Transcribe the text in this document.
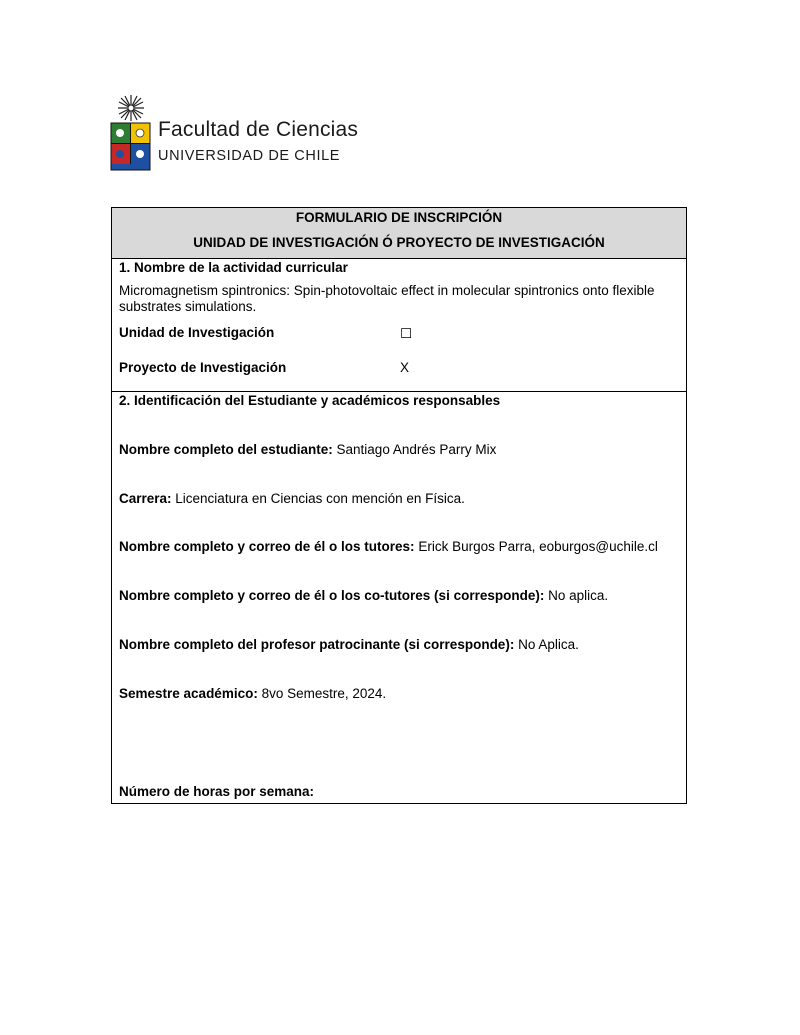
Facultad de Ciencias
UNIVERSIDAD DE CHILE
FORMULARIO DE INSCRIPCIÓN
UNIDAD DE INVESTIGACIÓN Ó PROYECTO DE INVESTIGACIÓN
1. Nombre de la actividad curricular
Micromagnetism spintronics: Spin-photovoltaic effect in molecular spintronics onto flexible substrates simulations.
Unidad de Investigación	☐
Proyecto de Investigación	X
2. Identificación del Estudiante y académicos responsables
Nombre completo del estudiante: Santiago Andrés Parry Mix
Carrera: Licenciatura en Ciencias con mención en Física.
Nombre completo y correo de él o los tutores: Erick Burgos Parra, eoburgos@uchile.cl
Nombre completo y correo de él o los co-tutores (si corresponde): No aplica.
Nombre completo del profesor patrocinante (si corresponde): No Aplica.
Semestre académico: 8vo Semestre, 2024.
Número de horas por semana:
